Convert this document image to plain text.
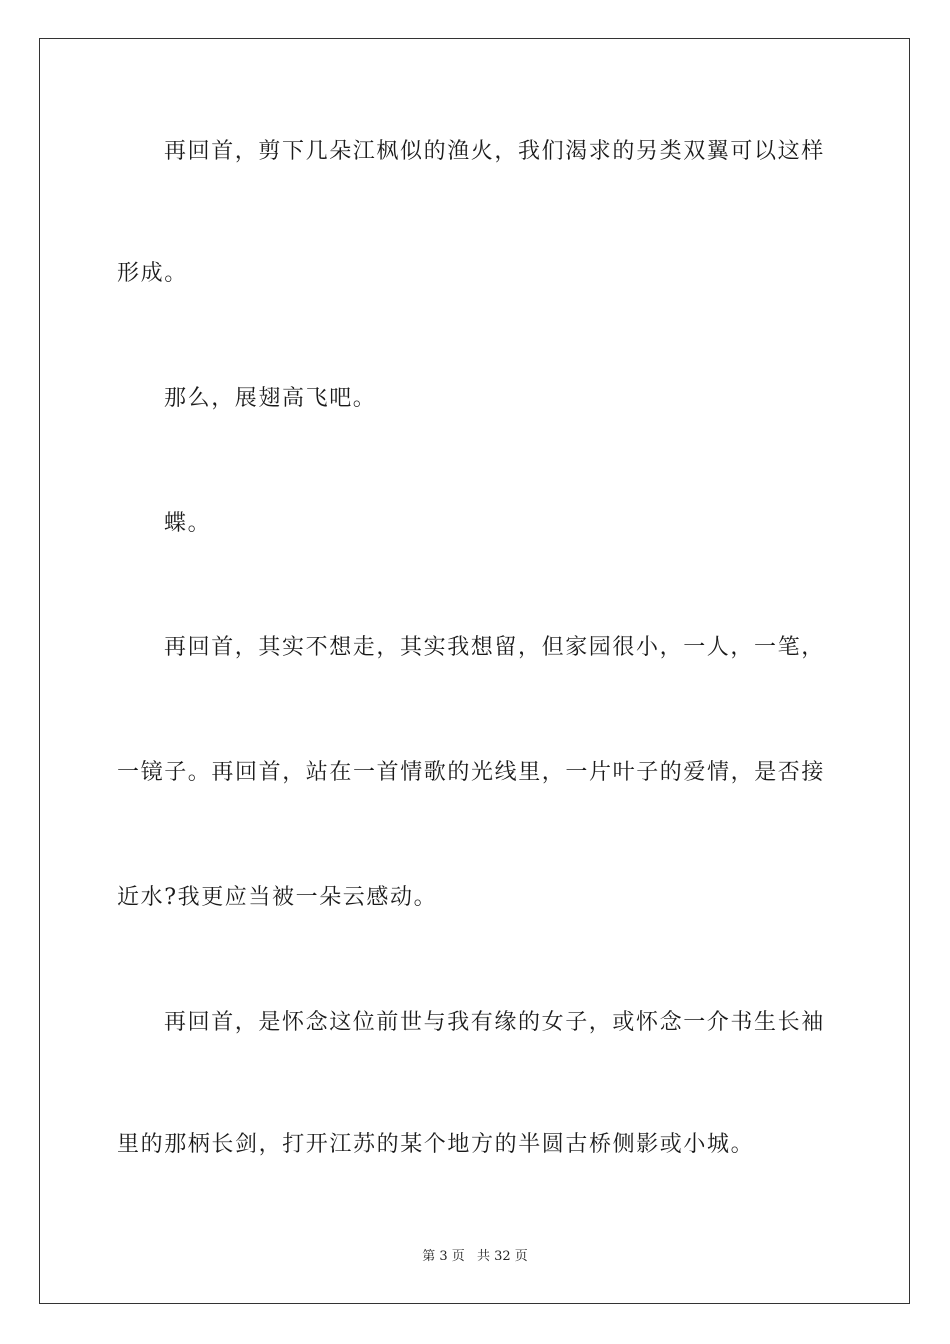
再回首，剪下几朵江枫似的渔火，我们渴求的另类双翼可以这样
形成。
那么，展翅高飞吧。
蝶。
再回首，其实不想走，其实我想留，但家园很小，一人，一笔，
一镜子。再回首，站在一首情歌的光线里，一片叶子的爱情，是否接
近水?我更应当被一朵云感动。
再回首，是怀念这位前世与我有缘的女子，或怀念一介书生长袖
里的那柄长剑，打开江苏的某个地方的半圆古桥侧影或小城。
第 3 页 共 32 页
